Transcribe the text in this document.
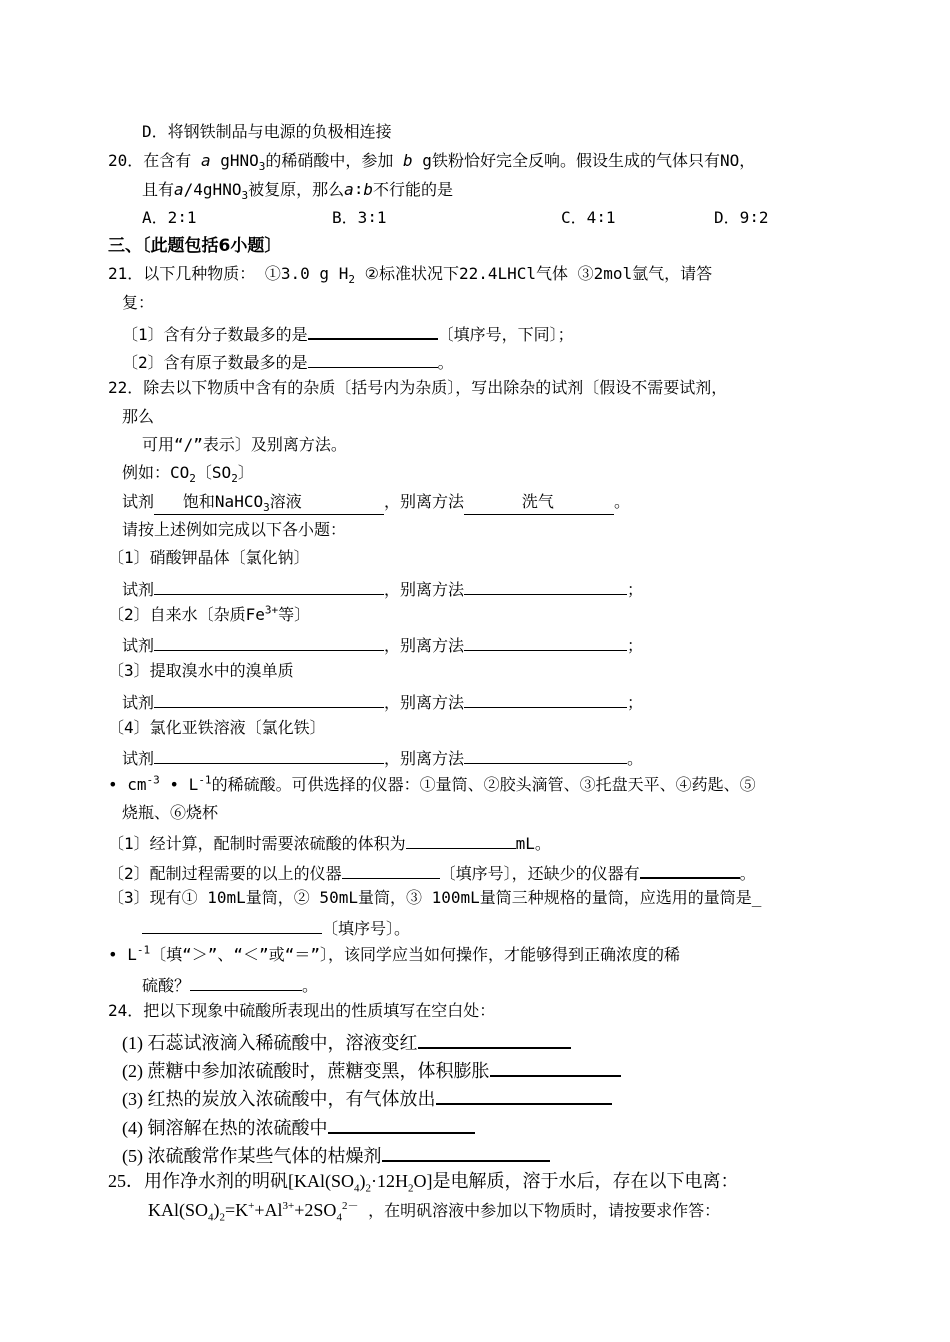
D．将钢铁制品与电源的负极相连接
20．在含有 a gHNO$_3$的稀硝酸中，参加 b g铁粉恰好完全反响。假设生成的气体只有NO，
且有a/4gHNO$_3$被复原，那么a∶b不行能的是
A．2∶1	B．3∶1	C．4∶1	D．9∶2
三、〔此题包括6小题〕
21．以下几种物质： ①3.0 g $H_2$ ②标准状况下22.4LHCl气体 ③2mol氩气，请答
复：
〔1〕含有分子数最多的是	〔填序号，下同〕；
〔2〕含有原子数最多的是	。
22．除去以下物质中含有的杂质〔括号内为杂质〕，写出除杂的试剂〔假设不需要试剂，
那么
可用“/”表示〕及别离方法。
例如：$CO_2$〔$SO_2$〕
试剂 饱和NaHCO$_3$溶液	，别离方法	洗气	。
请按上述例如完成以下各小题：
〔1〕硝酸钾晶体〔氯化钠〕
试剂	，别离方法	；
〔2〕自来水〔杂质$Fe^{3+}$等〕
试剂	，别离方法	；
〔3〕提取溴水中的溴单质
试剂	，别离方法	；
〔4〕氯化亚铁溶液〔氯化铁〕
试剂	，别离方法	。
• $cm^{-3}$ • $L^{-1}$的稀硫酸。可供选择的仪器：①量筒、②胶头滴管、③托盘天平、④药匙、⑤
烧瓶、⑥烧杯
〔1〕经计算，配制时需要浓硫酸的体积为	mL。
〔2〕配制过程需要的以上的仪器	〔填序号〕，还缺少的仪器有	。
〔3〕现有① 10mL量筒，② 50mL量筒，③ 100mL量筒三种规格的量筒，应选用的量筒是_
〔填序号〕。
• $L^{-1}$〔填“＞”、“＜”或“＝”〕，该同学应当如何操作，才能够得到正确浓度的稀
硫酸？	。
24．把以下现象中硫酸所表现出的性质填写在空白处：
(1) 石蕊试液滴入稀硫酸中，溶液变红
(2) 蔗糖中参加浓硫酸时，蔗糖变黑，体积膨胀
(3) 红热的炭放入浓硫酸中，有气体放出
(4) 铜溶解在热的浓硫酸中
(5) 浓硫酸常作某些气体的枯燥剂
25．用作净水剂的明矾$[KAl(SO_4)_2\cdot 12H_2O]$是电解质，溶于水后，存在以下电离：
$KAl(SO_4)_2=K^++Al^{3+}+2SO_4^{2-}$ ，在明矾溶液中参加以下物质时，请按要求作答：
